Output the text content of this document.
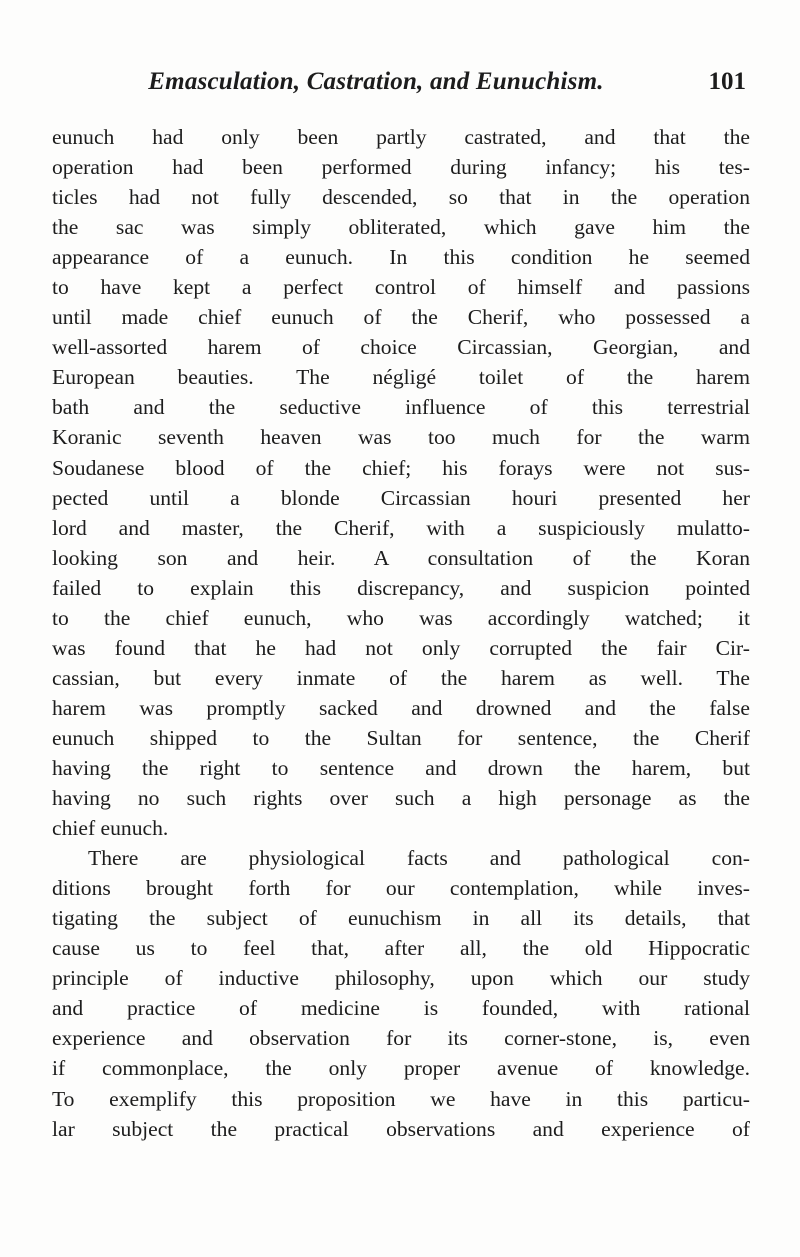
Emasculation, Castration, and Eunuchism.	101
eunuch had only been partly castrated, and that the
operation had been performed during infancy; his tes-
ticles had not fully descended, so that in the operation
the sac was simply obliterated, which gave him the
appearance of a eunuch. In this condition he seemed
to have kept a perfect control of himself and passions
until made chief eunuch of the Cherif, who possessed a
well-assorted harem of choice Circassian, Georgian, and
European beauties. The négligé toilet of the harem
bath and the seductive influence of this terrestrial
Koranic seventh heaven was too much for the warm
Soudanese blood of the chief; his forays were not sus-
pected until a blonde Circassian houri presented her
lord and master, the Cherif, with a suspiciously mulatto-
looking son and heir. A consultation of the Koran
failed to explain this discrepancy, and suspicion pointed
to the chief eunuch, who was accordingly watched; it
was found that he had not only corrupted the fair Cir-
cassian, but every inmate of the harem as well. The
harem was promptly sacked and drowned and the false
eunuch shipped to the Sultan for sentence, the Cherif
having the right to sentence and drown the harem, but
having no such rights over such a high personage as the
chief eunuch.
There are physiological facts and pathological con-
ditions brought forth for our contemplation, while inves-
tigating the subject of eunuchism in all its details, that
cause us to feel that, after all, the old Hippocratic
principle of inductive philosophy, upon which our study
and practice of medicine is founded, with rational
experience and observation for its corner-stone, is, even
if commonplace, the only proper avenue of knowledge.
To exemplify this proposition we have in this particu-
lar subject the practical observations and experience of
